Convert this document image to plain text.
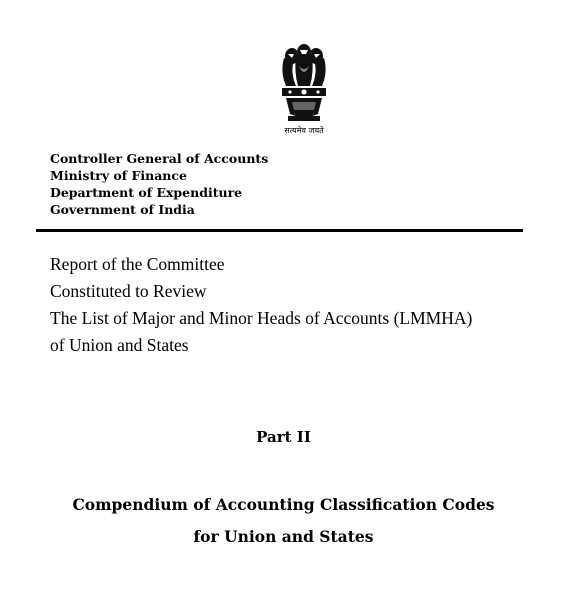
सत्यमेव जयते
Controller General of Accounts
Ministry of Finance
Department of Expenditure
Government of India
Report of the Committee
Constituted to Review
The List of Major and Minor Heads of Accounts (LMMHA)
of Union and States
Part II
Compendium of Accounting Classification Codes
for Union and States
